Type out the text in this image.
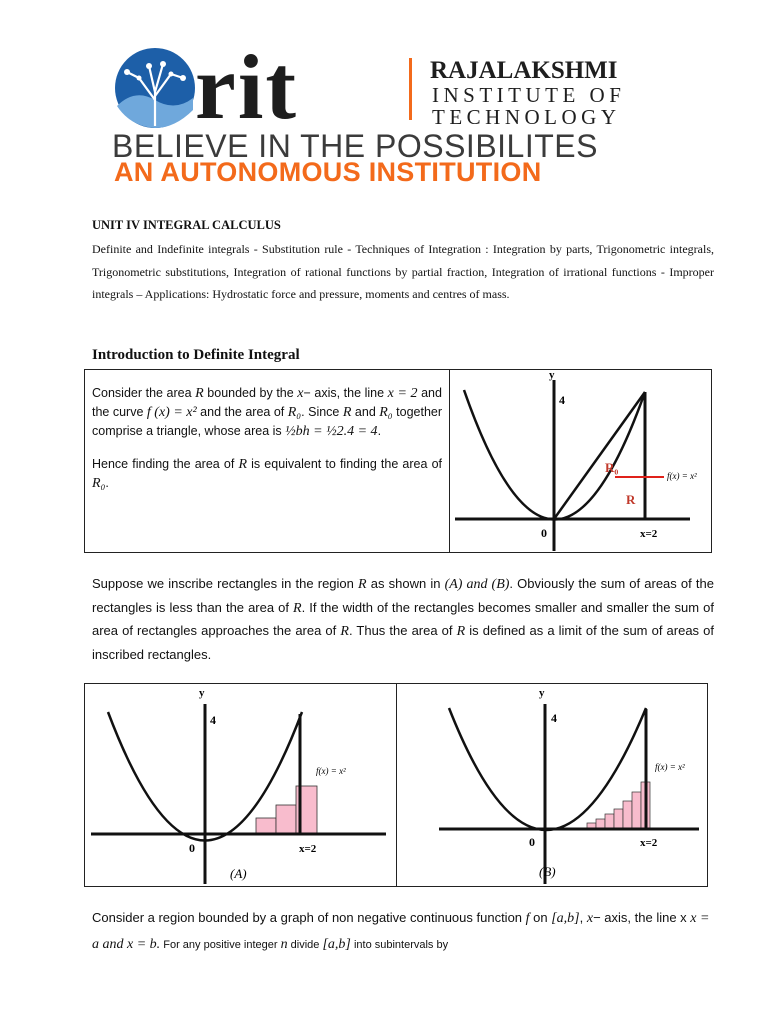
rit	RAJALAKSHMI
INSTITUTE OF
TECHNOLOGY
BELIEVE IN THE POSSIBILITES
AN AUTONOMOUS INSTITUTION
UNIT IV INTEGRAL CALCULUS
Definite and Indefinite integrals - Substitution rule - Techniques of Integration : Integration by parts, Trigonometric integrals, Trigonometric substitutions, Integration of rational functions by partial fraction, Integration of irrational functions - Improper integrals – Applications: Hydrostatic force and pressure, moments and centres of mass.
Introduction to Definite Integral

Consider the area R bounded by the x− axis, the line x = 2 and the curve f (x) = x² and the area of R₀. Since R and R₀ together comprise a triangle, whose area is ½bh = ½2.4 = 4.

Hence finding the area of R is equivalent to finding the area of R₀.

y
4
0	x=2
f(x) = x²
R₀
R
Suppose we inscribe rectangles in the region R as shown in (A) and (B). Obviously the sum of areas of the rectangles is less than the area of R. If the width of the rectangles becomes smaller and smaller the sum of area of rectangles approaches the area of R. Thus the area of R is defined as a limit of the sum of areas of inscribed rectangles.
y
4
0	x=2
f(x) = x²
(A)
y
4
0	x=2
f(x) = x²
(B)
Consider a region bounded by a graph of non negative continuous function f on [a,b], x− axis, the line x x = a and x = b. For any positive integer n divide [a,b] into subintervals by
